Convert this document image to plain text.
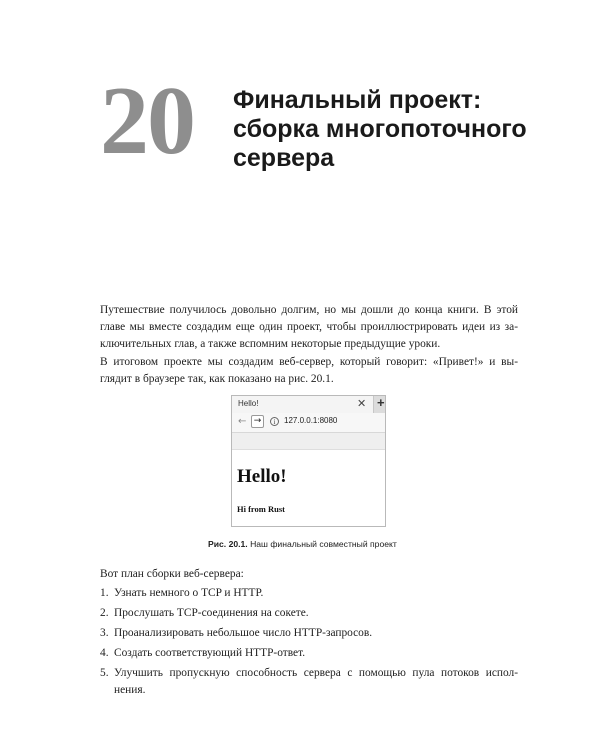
20 Финальный проект:
сборка многопоточного
сервера
Путешествие получилось довольно долгим, но мы дошли до конца книги. В этой
главе мы вместе создадим еще один проект, чтобы проиллюстрировать идеи из за-
ключительных глав, а также вспомним некоторые предыдущие уроки.
В итоговом проекте мы создадим веб-сервер, который говорит: «Привет!» и вы-
глядит в браузере так, как показано на рис. 20.1.
Hello!	✕ +
← →	i	127.0.0.1:8080
Hello!
Hi from Rust
Рис. 20.1. Наш финальный совместный проект
Вот план сборки веб-сервера:
1. Узнать немного о TCP и HTTP.
2. Прослушать TCP-соединения на сокете.
3. Проанализировать небольшое число HTTP-запросов.
4. Создать соответствующий HTTP-ответ.
5. Улучшить пропускную способность сервера с помощью пула потоков испол-
нения.
